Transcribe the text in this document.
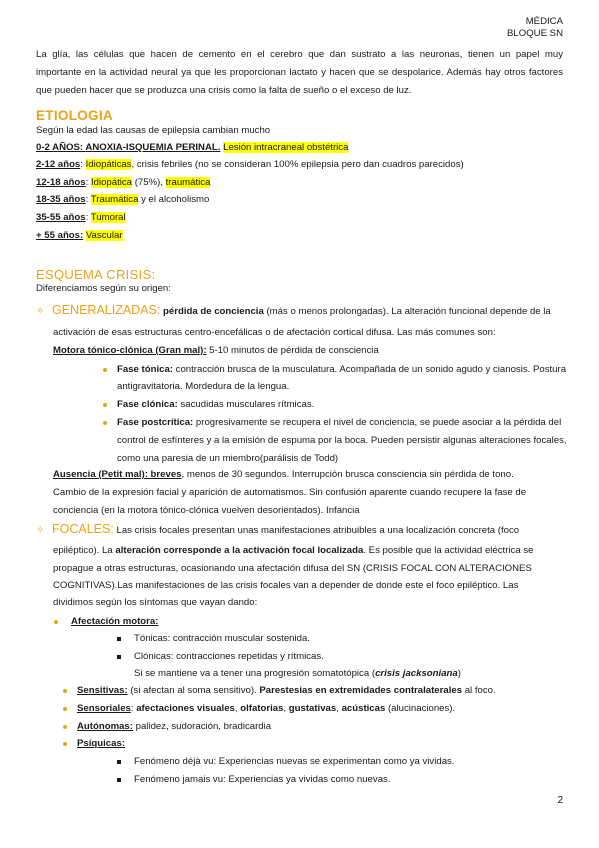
MÉDICA
BLOQUE SN
La glía, las células que hacen de cemento en el cerebro que dan sustrato a las neuronas, tienen un papel muy
importante en la actividad neural ya que les proporcionan lactato y hacen que se despolarice. Además hay otros factores
que pueden hacer que se produzca una crisis como la falta de sueño o el exceso de luz.
ETIOLOGIA
Según la edad las causas de epilepsia cambian mucho
0-2 AÑOS: ANOXIA-ISQUEMIA PERINAL. Lesión intracraneal obstétrica
2-12 años: Idiopáticas, crisis febriles (no se consideran 100% epilepsia pero dan cuadros parecidos)
12-18 años: Idiopática (75%), traumática
18-35 años: Traumática y el alcoholismo
35-55 años: Tumoral
+ 55 años: Vascular
ESQUEMA CRISIS:
Diferenciamos según su origen:
✧ GENERALIZADAS: pérdida de conciencia (más o menos prolongadas). La alteración funcional depende de la
activación de esas estructuras centro-encefálicas o de afectación cortical difusa. Las más comunes son:
Motora tónico-clónica (Gran mal): 5-10 minutos de pérdida de consciencia
Fase tónica: contracción brusca de la musculatura. Acompañada de un sonido agudo y cianosis. Postura
antigravitatoria. Mordedura de la lengua.
Fase clónica: sacudidas musculares rítmicas.
Fase postcrítica: progresivamente se recupera el nivel de conciencia, se puede asociar a la pérdida del
control de esfínteres y a la emisión de espuma por la boca. Pueden persistir algunas alteraciones focales,
como una paresia de un miembro(parálisis de Todd)
Ausencia (Petit mal): breves, menos de 30 segundos. Interrupción brusca consciencia sin pérdida de tono.
Cambio de la expresión facial y aparición de automatismos. Sin confusión aparente cuando recupere la fase de
conciencia (en la motora tónico-clónica vuelven desorientados). Infancia
✧ FOCALES: Las crisis focales presentan unas manifestaciones atribuibles a una localización concreta (foco
epiléptico). La alteración corresponde a la activación focal localizada. Es posible que la actividad eléctrica se
propague a otras estructuras, ocasionando una afectación difusa del SN (CRISIS FOCAL CON ALTERACIONES
COGNITIVAS).Las manifestaciones de las crisis focales van a depender de donde este el foco epiléptico. Las
dividimos según los síntomas que vayan dando:
Afectación motora:
Tónicas: contracción muscular sostenida.
Clónicas: contracciones repetidas y rítmicas.
Si se mantiene va a tener una progresión somatotópica (crisis jacksoniana)
Sensitivas: (si afectan al soma sensitivo). Parestesias en extremidades contralaterales al foco.
Sensoriales: afectaciones visuales, olfatorias, gustativas, acústicas (alucinaciones).
Autónomas: palidez, sudoración, bradicardia
Psíquicas:
Fenómeno déjà vu: Experiencias nuevas se experimentan como ya vividas.
Fenómeno jamais vu: Experiencias ya vividas como nuevas.
2
